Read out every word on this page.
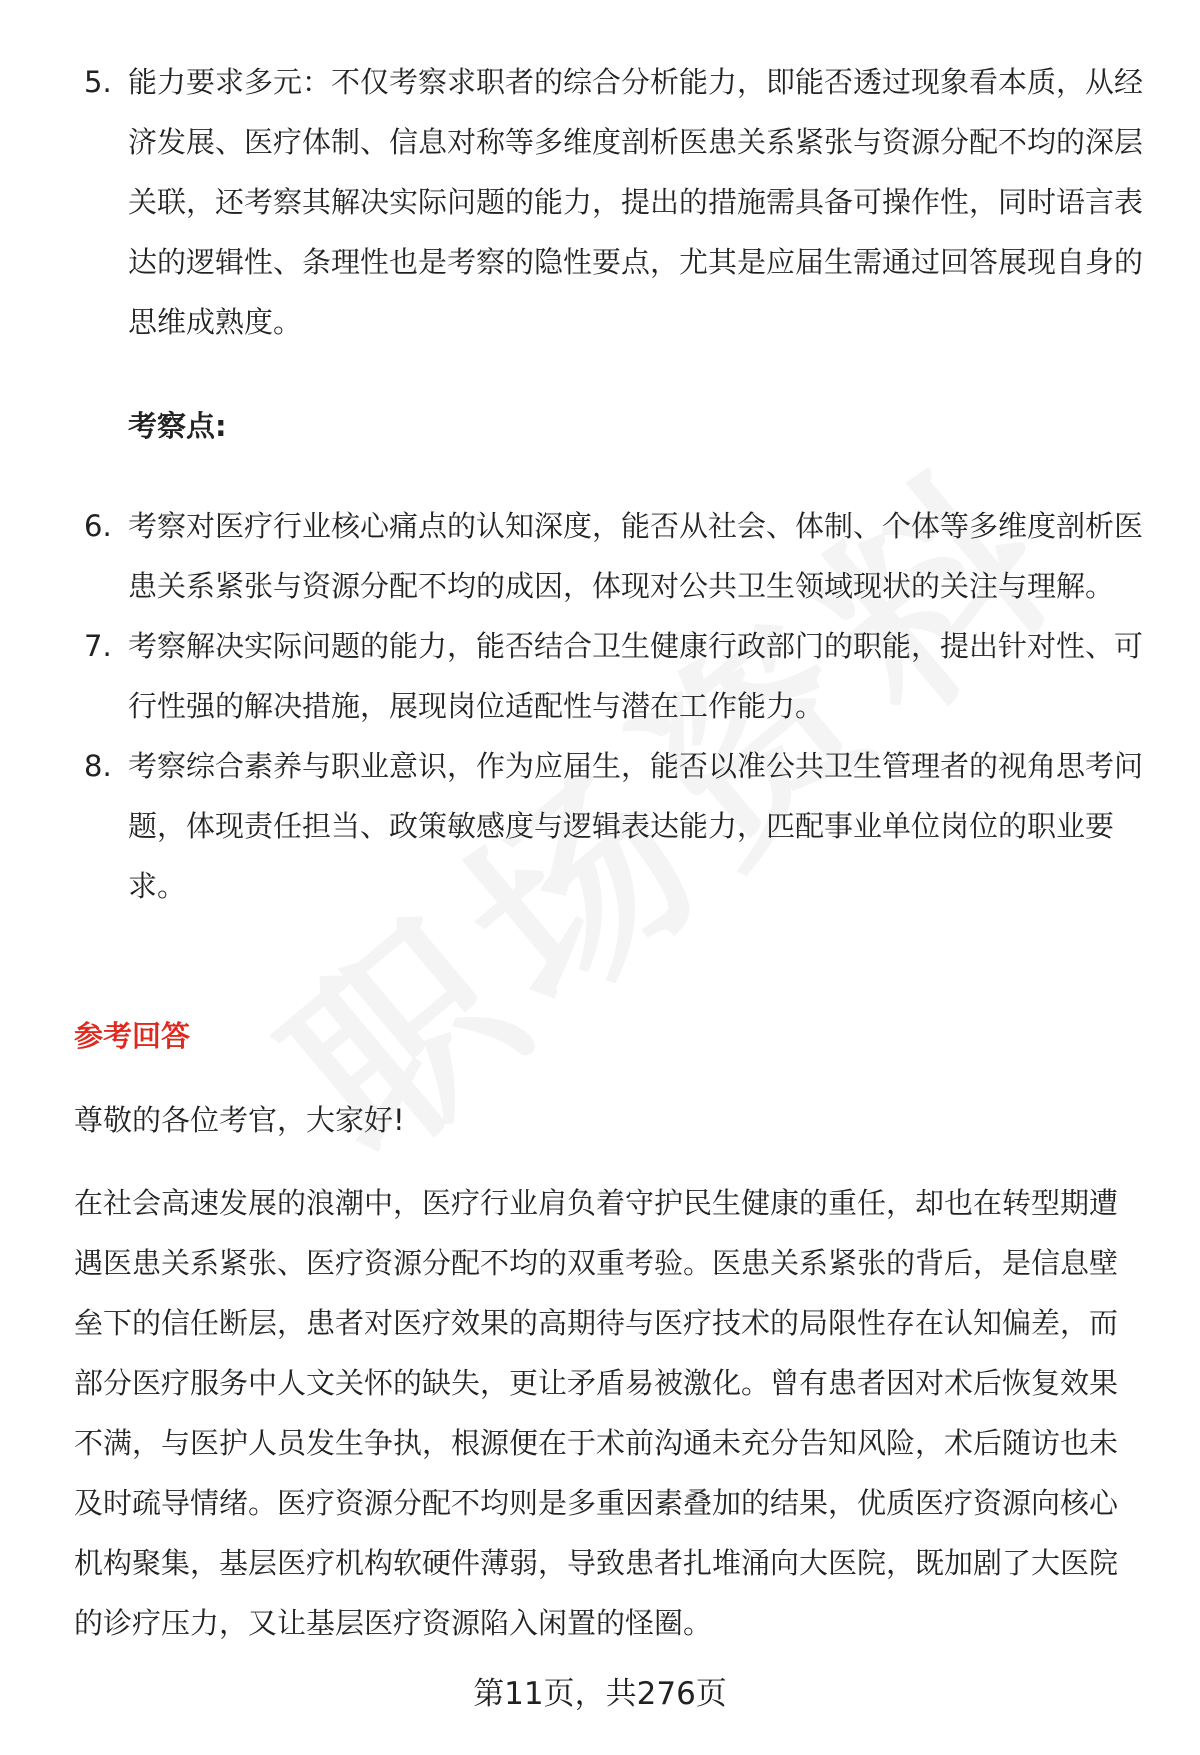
5. 能力要求多元：不仅考察求职者的综合分析能力，即能否透过现象看本质，从经济发展、医疗体制、信息对称等多维度剖析医患关系紧张与资源分配不均的深层关联，还考察其解决实际问题的能力，提出的措施需具备可操作性，同时语言表达的逻辑性、条理性也是考察的隐性要点，尤其是应届生需通过回答展现自身的思维成熟度。
考察点:
6. 考察对医疗行业核心痛点的认知深度，能否从社会、体制、个体等多维度剖析医患关系紧张与资源分配不均的成因，体现对公共卫生领域现状的关注与理解。
7. 考察解决实际问题的能力，能否结合卫生健康行政部门的职能，提出针对性、可行性强的解决措施，展现岗位适配性与潜在工作能力。
8. 考察综合素养与职业意识，作为应届生，能否以准公共卫生管理者的视角思考问题，体现责任担当、政策敏感度与逻辑表达能力，匹配事业单位岗位的职业要求。
参考回答

尊敬的各位考官，大家好!

在社会高速发展的浪潮中，医疗行业肩负着守护民生健康的重任，却也在转型期遭遇医患关系紧张、医疗资源分配不均的双重考验。医患关系紧张的背后，是信息壁垒下的信任断层，患者对医疗效果的高期待与医疗技术的局限性存在认知偏差，而部分医疗服务中人文关怀的缺失，更让矛盾易被激化。曾有患者因对术后恢复效果不满，与医护人员发生争执，根源便在于术前沟通未充分告知风险，术后随访也未及时疏导情绪。医疗资源分配不均则是多重因素叠加的结果，优质医疗资源向核心机构聚集，基层医疗机构软硬件薄弱，导致患者扎堆涌向大医院，既加剧了大医院的诊疗压力，又让基层医疗资源陷入闲置的怪圈。

第11页，共276页
